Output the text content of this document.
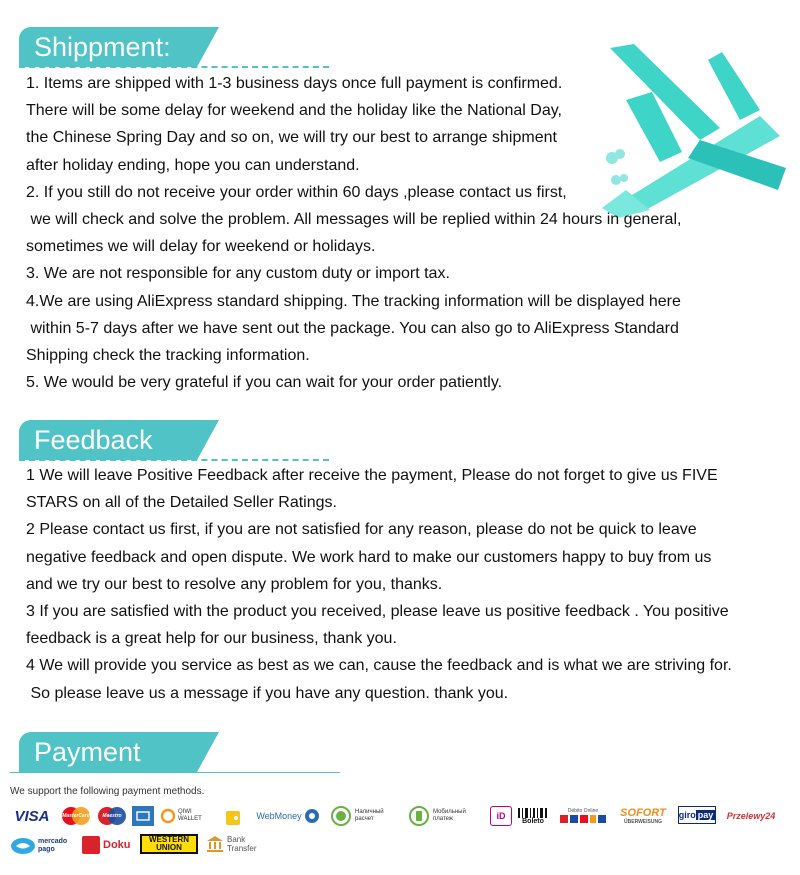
Shippment:
1. Items are shipped with 1-3 business days once full payment is confirmed.
There will be some delay for weekend and the holiday like the National Day,
the Chinese Spring Day and so on, we will try our best to arrange shipment
after holiday ending, hope you can understand.
2. If you still do not receive your order within 60 days ,please contact us first,
we will check and solve the problem. All messages will be replied within 24 hours in general,
sometimes we will delay for weekend or holidays.
3. We are not responsible for any custom duty or import tax.
4.We are using AliExpress standard shipping. The tracking information will be displayed here
within 5-7 days after we have sent out the package. You can also go to AliExpress Standard
Shipping check the tracking information.
5. We would be very grateful if you can wait for your order patiently.
Feedback
1 We will leave Positive Feedback after receive the payment, Please do not forget to give us FIVE
STARS on all of the Detailed Seller Ratings.
2 Please contact us first, if you are not satisfied for any reason, please do not be quick to leave
negative feedback and open dispute. We work hard to make our customers happy to buy from us
and we try our best to resolve any problem for you, thanks.
3 If you are satisfied with the product you received, please leave us positive feedback . You positive
feedback is a great help for our business, thank you.
4 We will provide you service as best as we can, cause the feedback and is what we are striving for.
So please leave us a message if you have any question. thank you.
Payment

We support the following payment methods.

VISA	MasterCard	Maestro
QIWI
WALLET	WebMoney	Наличный
расчет
Мобильный
платеж	iD	Boleto
Débito Online SOFORT
ÜBERWEISUNG
giro pay Przelewy24
mercado
pago	Doku WESTERN
UNION
Bank
Transfer
